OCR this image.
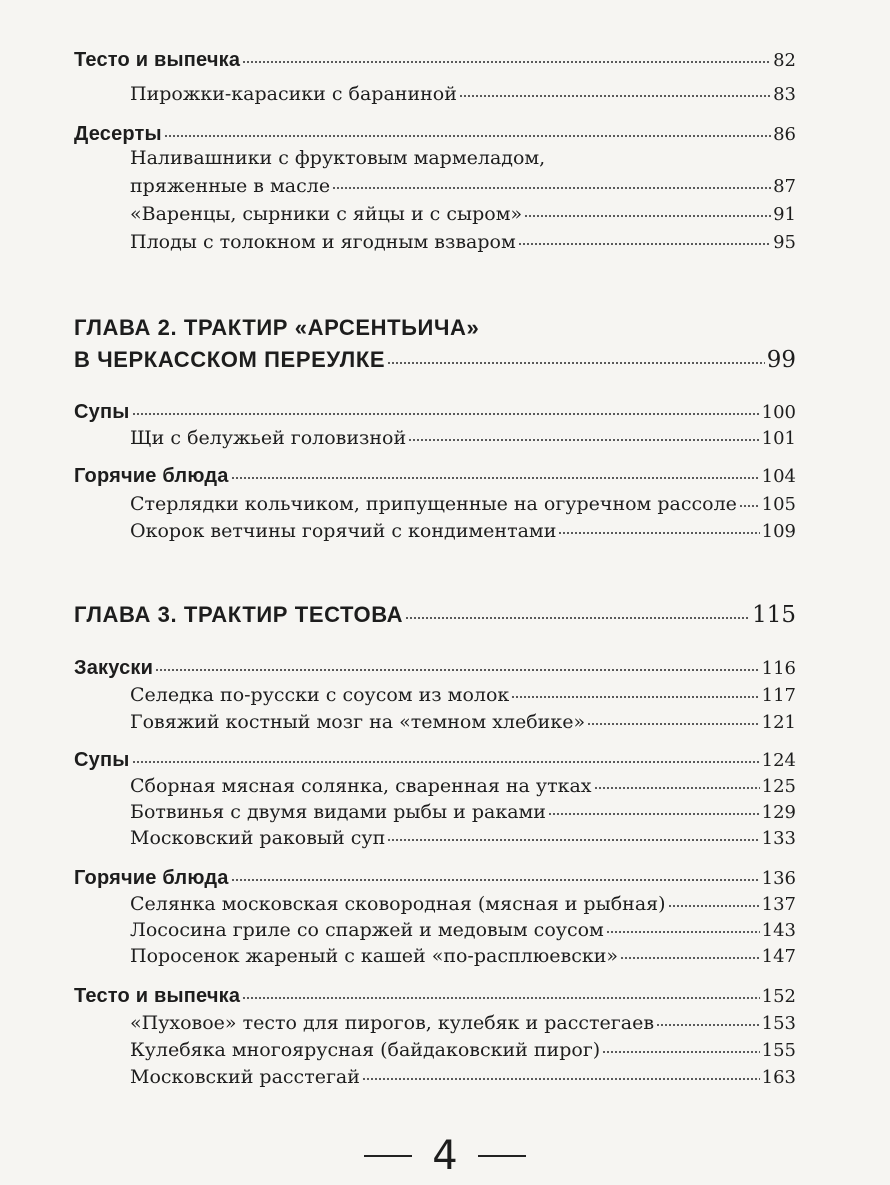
Тесто и выпечка	82
Пирожки-карасики с бараниной	83
Десерты	86
Наливашники с фруктовым мармеладом,
пряженные в масле	87
«Варенцы, сырники с яйцы и с сыром»	91
Плоды с толокном и ягодным взваром	95
ГЛАВА 2. ТРАКТИР «АРСЕНТЬИЧА»
В ЧЕРКАССКОМ ПЕРЕУЛКЕ	99
Супы	100
Щи с белужьей головизной	101
Горячие блюда	104
Стерлядки кольчиком, припущенные на огуречном рассоле 105
Окорок ветчины горячий с кондиментами	109
ГЛАВА 3. ТРАКТИР ТЕСТОВА	115
Закуски	116
Селедка по-русски с соусом из молок	117
Говяжий костный мозг на «темном хлебике»	121
Супы	124
Сборная мясная солянка, сваренная на утках	125
Ботвинья с двумя видами рыбы и раками	129
Московский раковый суп	133
Горячие блюда	136
Селянка московская сковородная (мясная и рыбная)	137
Лососина гриле со спаржей и медовым соусом	143
Поросенок жареный с кашей «по-расплюевски»	147
Тесто и выпечка	152
«Пуховое» тесто для пирогов, кулебяк и расстегаев	153
Кулебяка многоярусная (байдаковский пирог)	155
Московский расстегай	163
4
